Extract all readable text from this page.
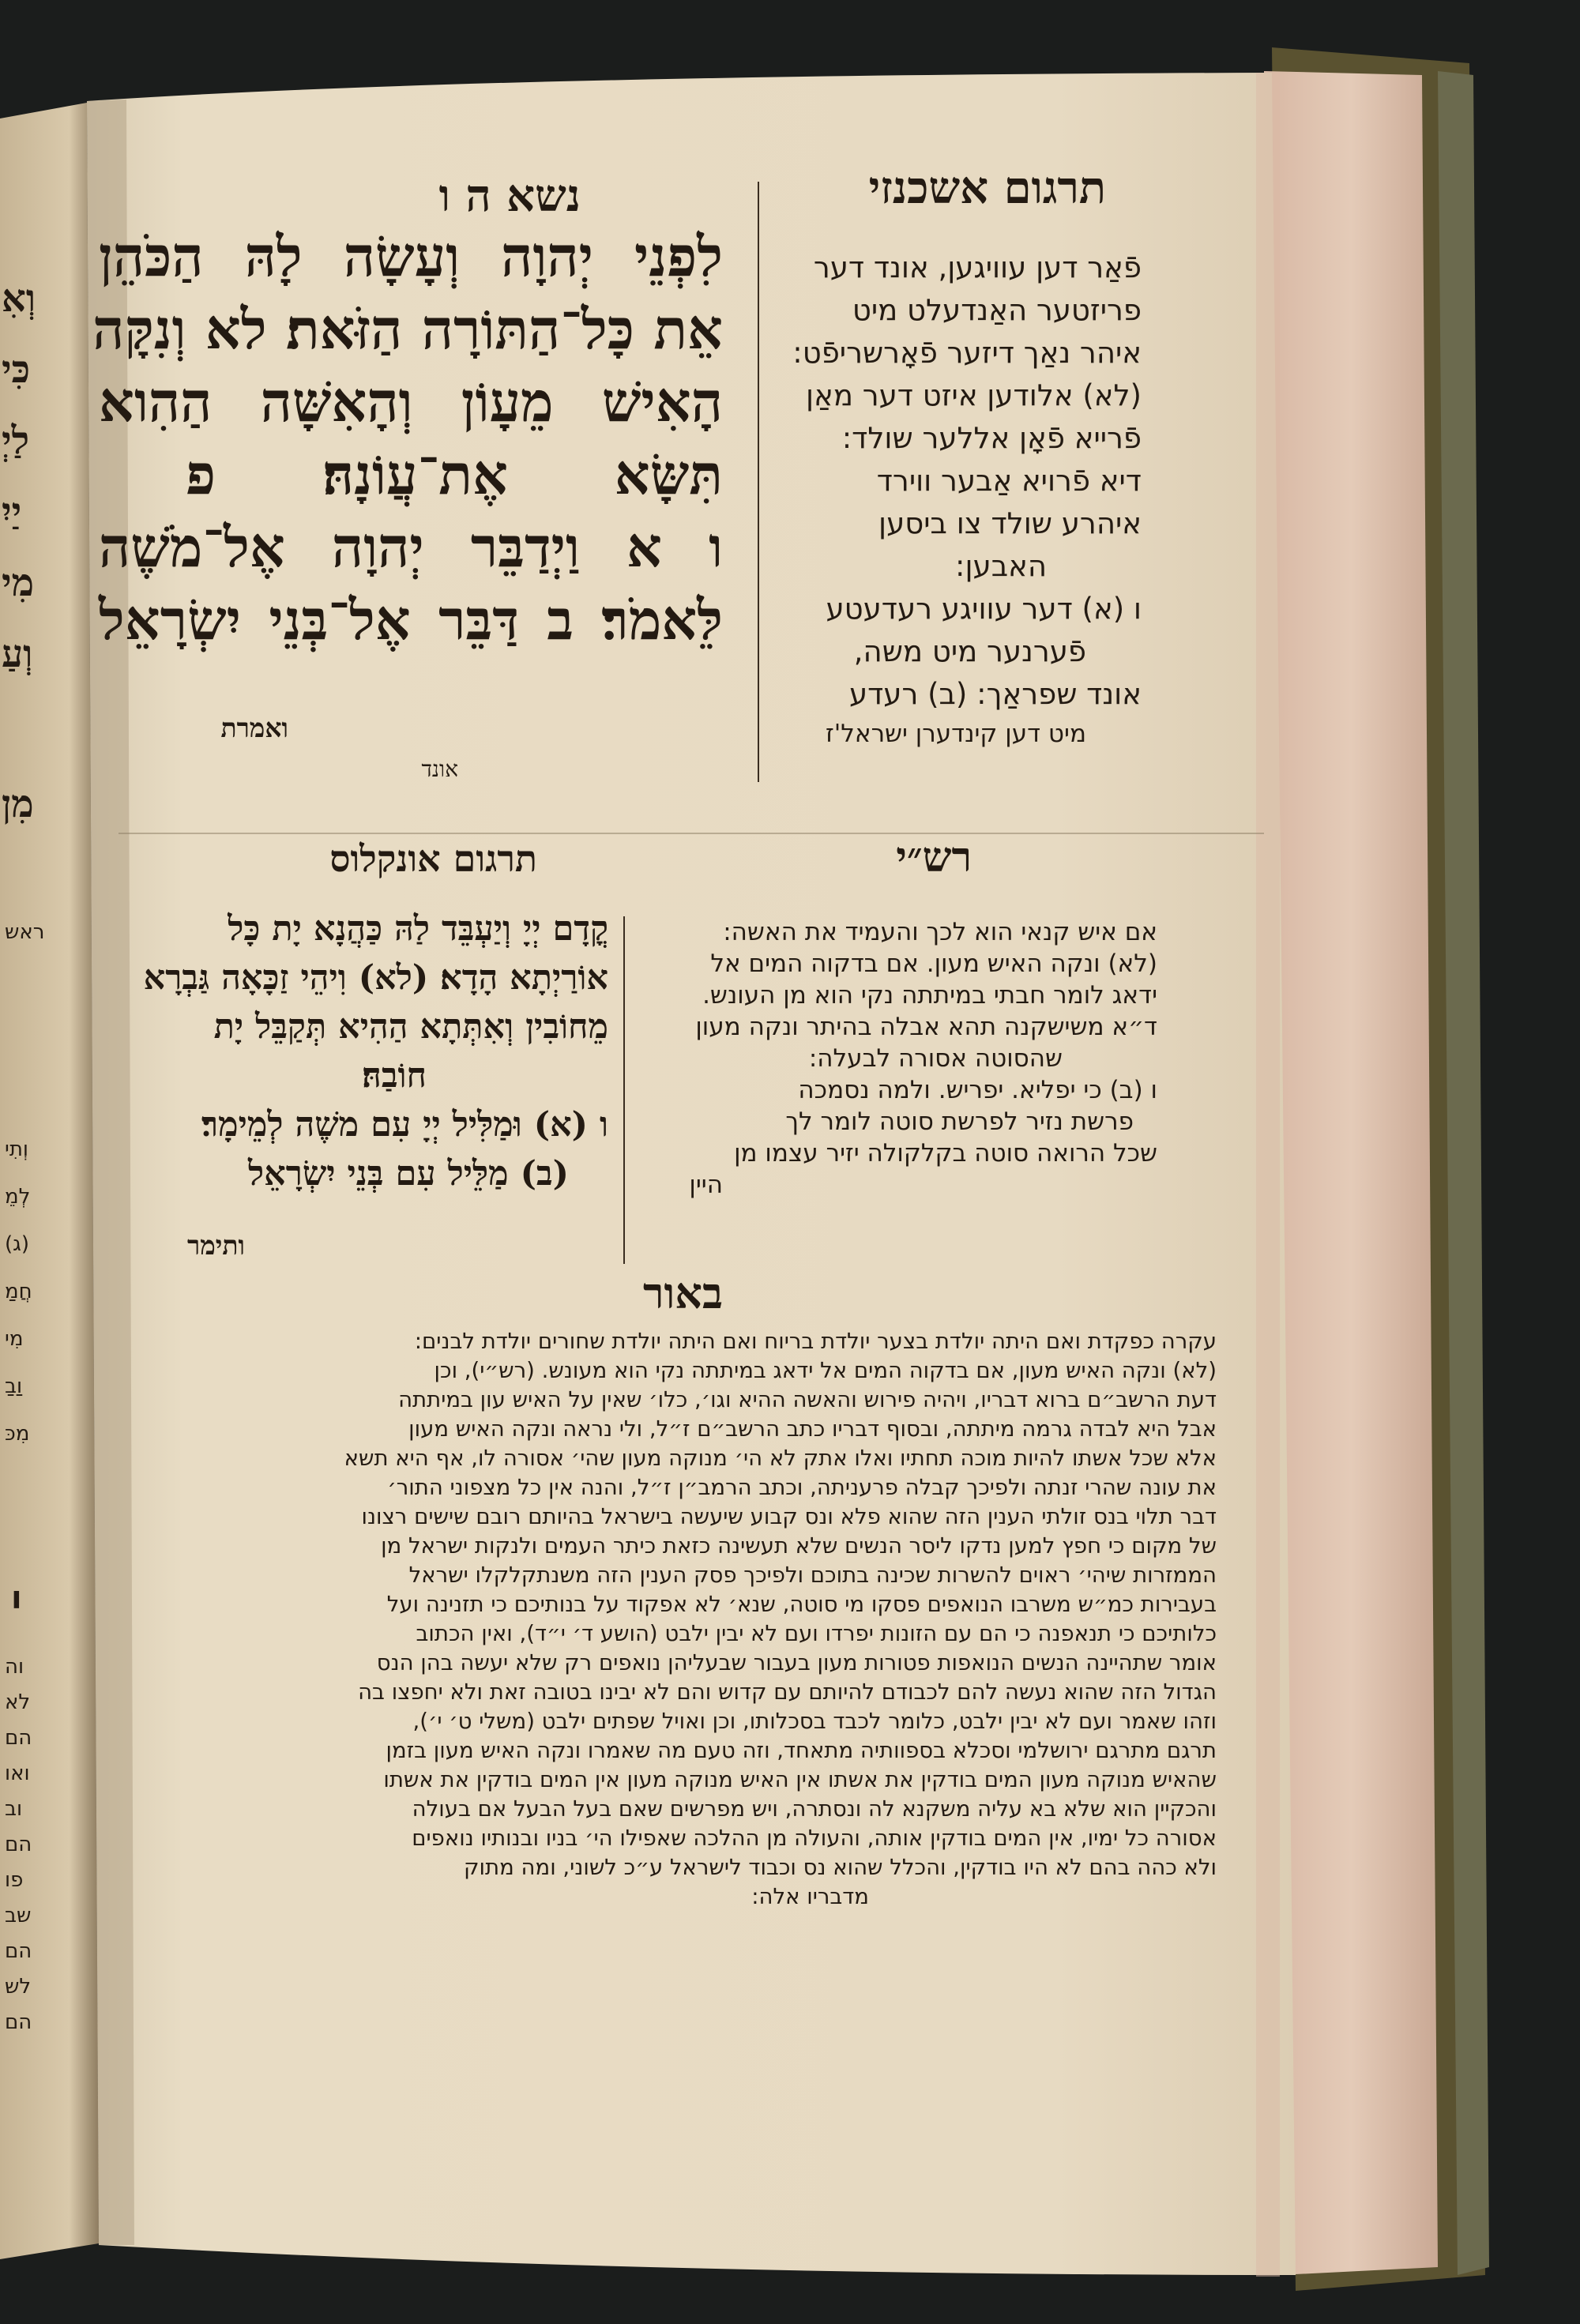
תרגום אשכנזי
נשא ה ו
לִפְנֵי יְהוָה וְעָשָׂה לָהּ הַכֹּהֵן
אֵת כָּל־הַתּוֹרָה הַזֹּאת׃ לא וְנִקָּה
הָאִישׁ מֵעָוֹן וְהָאִשָּׁה הַהִוא
תִּשָּׂא אֶת־עֲוֹנָהּ׃ פ
ו א וַיְדַבֵּר יְהוָה אֶל־מֹשֶׁה
לֵּאמֹר׃ ב דַּבֵּר אֶל־בְּנֵי יִשְׂרָאֵל
ואמרת
פֿאַר דען עוויגען, אונד דער
פריזטער האַנדעלט מיט
איהר נאַך דיזער פֿאָרשריפֿט:
(לא) אלודען איזט דער מאַן
פֿרייא פֿאָן אללער שולד:
דיא פֿרויא אַבער ווירד
איהרע שולד צו ביסען
האבען:
ו (א) דער עוויגע רעדעטע
פֿערנער מיט משה,
אונד שפראַך: (ב) רעדע
מיט דען קינדערן ישראל'ז
אונד
רש״י
אם איש קנאי הוא לכך והעמיד את האשה:
(לא) ונקה האיש מעון. אם בדקוה המים אל
ידאג לומר חבתי במיתתה נקי הוא מן העונש.
ד״א משישקנה תהא אבלה בהיתר ונקה מעון
שהסוטה אסורה לבעלה:
ו (ב) כי יפליא. יפריש. ולמה נסמכה
פרשת נזיר לפרשת סוטה לומר לך
שכל הרואה סוטה בקלקולה יזיר עצמו מן
היין
תרגום אונקלוס
קֳדָם יְיָ וְיַעְבֵּד לַהּ כַּהֲנָא יָת כָּל
אוֹרַיְתָא הָדָא׃ (לא) וִיהֵי זַכָּאָה גַּבְרָא
מֵחוֹבִין וְאִתְּתָא הַהִיא תְּקַבֵּל יָת
חוֹבַהּ׃
ו (א) וּמַלִּיל יְיָ עִם משֶׁה לְמֵימָר׃
(ב) מַלֵּיל עִם בְּנֵי יִשְׂרָאֵל
ותימר
באור
עקרה כפקדת ואם היתה יולדת בצער יולדת בריוח ואם היתה יולדת שחורים יולדת לבנים:
(לא) ונקה האיש מעון, אם בדקוה המים אל ידאג במיתתה נקי הוא מעונש. (רש״י), וכן
דעת הרשב״ם ברוא דבריו, ויהיה פירוש והאשה ההיא וגו׳, כלו׳ שאין על האיש עון במיתתה
אבל היא לבדה גרמה מיתתה, ובסוף דבריו כתב הרשב״ם ז״ל, ולי נראה ונקה האיש מעון
אלא שכל אשתו להיות מוכה תחתיו ואלו אתק לא הי׳ מנוקה מעון שהי׳ אסורה לו, אף היא תשא
את עונה שהרי זנתה ולפיכך קבלה פרעניתה, וכתב הרמב״ן ז״ל, והנה אין כל מצפוני התור׳
דבר תלוי בנס זולתי הענין הזה שהוא פלא ונס קבוע שיעשה בישראל בהיותם רובם שישים רצונו
של מקום כי חפץ למען נדקו ליסר הנשים שלא תעשינה כזאת כיתר העמים ולנקות ישראל מן
הממזרות שיהי׳ ראוים להשרות שכינה בתוכם ולפיכך פסק הענין הזה משנתקלקלו ישראל
בעבירות כמ״ש משרבו הנואפים פסקו מי סוטה, שנא׳ לא אפקוד על בנותיכם כי תזנינה ועל
כלותיכם כי תנאפנה כי הם עם הזונות יפרדו ועם לא יבין ילבט (הושע ד׳ י״ד), ואין הכתוב
אומר שתהיינה הנשים הנואפות פטורות מעון בעבור שבעליהן נואפים רק שלא יעשה בהן הנס
הגדול הזה שהוא נעשה להם לכבודם להיותם עם קדוש והם לא יבינו בטובה זאת ולא יחפצו בה
וזהו שאמר ועם לא יבין ילבט, כלומר לכבד בסכלותו, וכן ואויל שפתים ילבט (משלי ט׳ י׳),
תרגם מתרגם ירושלמי וסכלא בספוותיה מתאחד, וזה טעם מה שאמרו ונקה האיש מעון בזמן
שהאיש מנוקה מעון המים בודקין את אשתו אין האיש מנוקה מעון אין המים בודקין את אשתו
והכקיין הוא שלא בא עליה משקנא לה ונסתרה, ויש מפרשים שאם בעל הבעל אם בעולה
אסורה כל ימיו, אין המים בודקין אותה, והעולה מן ההלכה שאפילו הי׳ בניו ובנותיו נואפים
ולא כהה בהם לא היו בודקין, והכלל שהוא נס וכבוד לישראל ע״כ לשוני, ומה מתוק
מדבריו אלה:
וְאִ
כִּי
לַיְ
יַיִ
מִי
וְעַ
מִן
ראש
וְתִי
לְמֵ
(ג)
חֲמַ
מִי
וַבַ
מִכּ
ו
וה
לא
הם
ואו
וב
הם
פו
שב
הם
לש
הם
